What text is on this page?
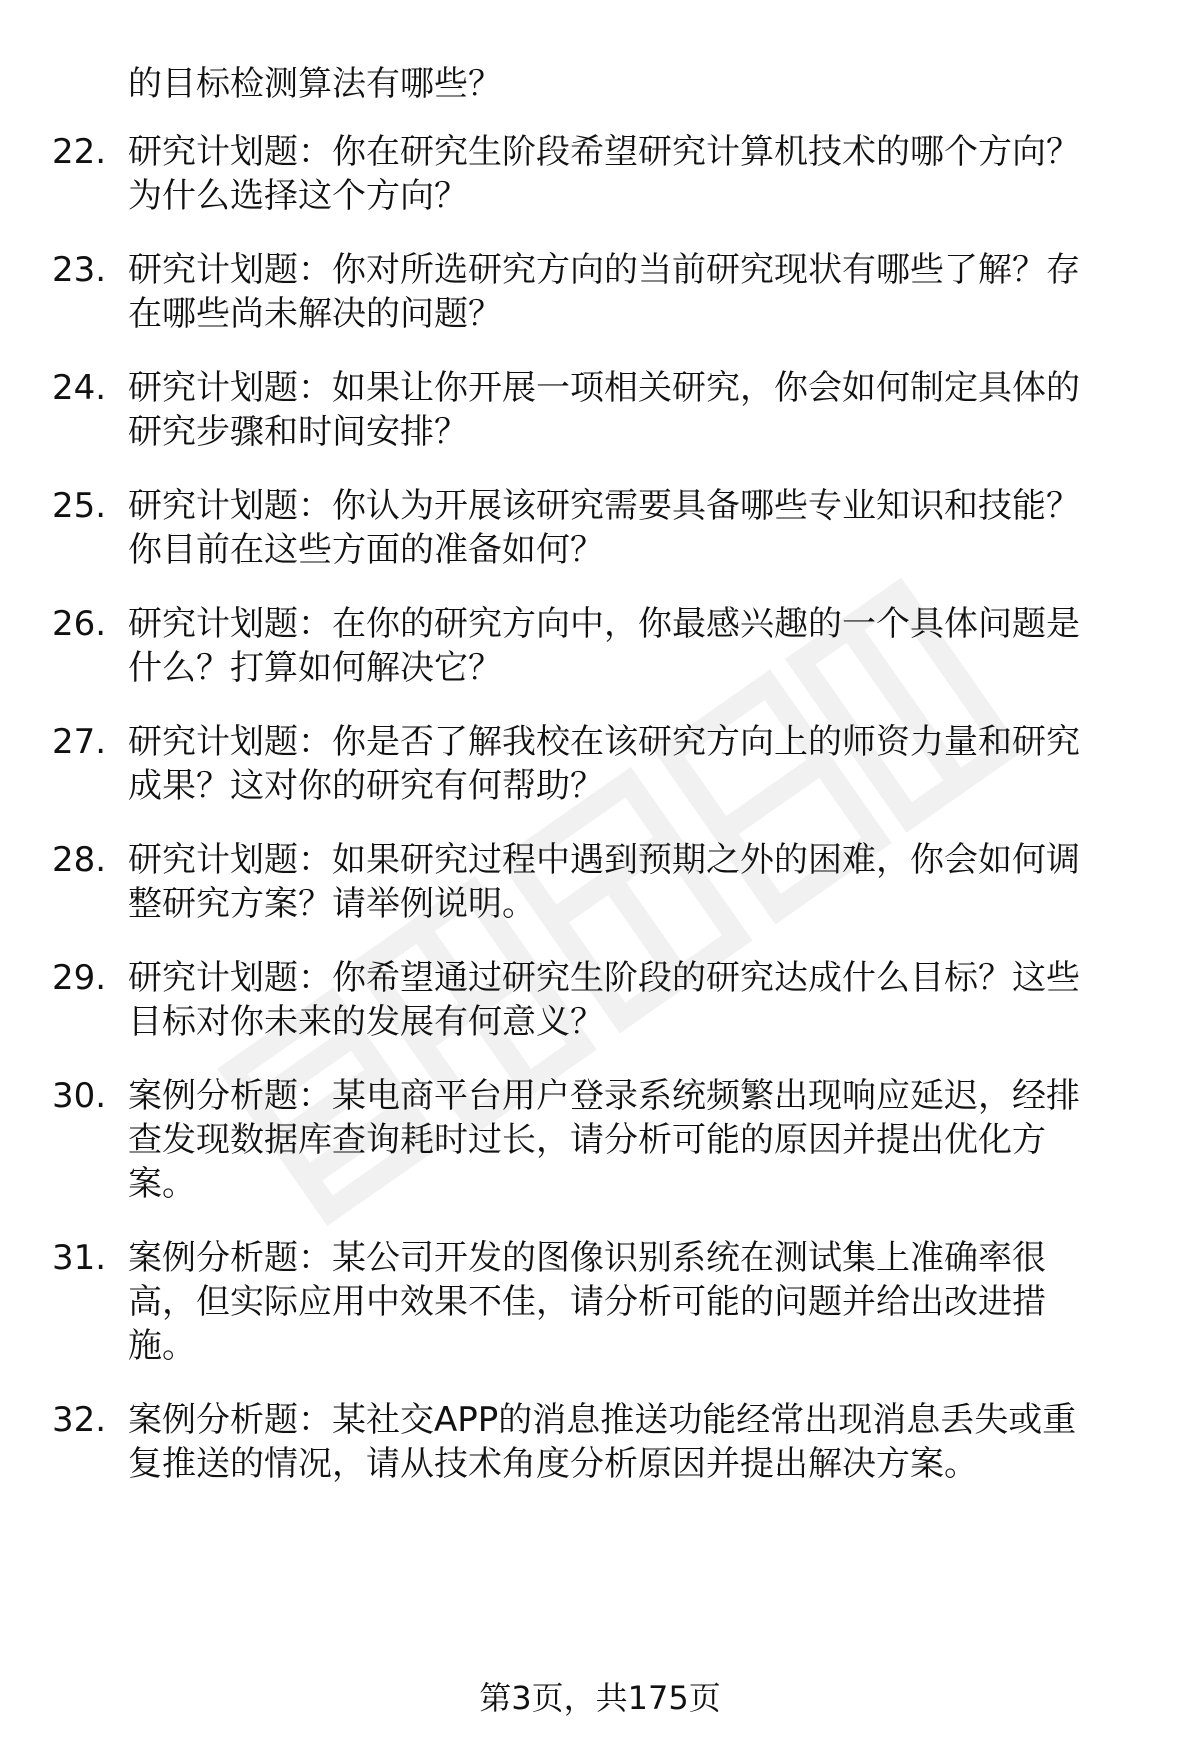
的目标检测算法有哪些？
22. 研究计划题：你在研究生阶段希望研究计算机技术的哪个方向？
为什么选择这个方向？
23. 研究计划题：你对所选研究方向的当前研究现状有哪些了解？存
在哪些尚未解决的问题？
24. 研究计划题：如果让你开展一项相关研究，你会如何制定具体的
研究步骤和时间安排？
25. 研究计划题：你认为开展该研究需要具备哪些专业知识和技能？
你目前在这些方面的准备如何？
26. 研究计划题：在你的研究方向中，你最感兴趣的一个具体问题是
什么？打算如何解决它？
27. 研究计划题：你是否了解我校在该研究方向上的师资力量和研究
成果？这对你的研究有何帮助？
28. 研究计划题：如果研究过程中遇到预期之外的困难，你会如何调
整研究方案？请举例说明。
29. 研究计划题：你希望通过研究生阶段的研究达成什么目标？这些
目标对你未来的发展有何意义？
30. 案例分析题：某电商平台用户登录系统频繁出现响应延迟，经排
查发现数据库查询耗时过长，请分析可能的原因并提出优化方
案。
31. 案例分析题：某公司开发的图像识别系统在测试集上准确率很
高，但实际应用中效果不佳，请分析可能的问题并给出改进措
施。
32. 案例分析题：某社交APP的消息推送功能经常出现消息丢失或重
复推送的情况，请从技术角度分析原因并提出解决方案。
第3页，共175页
